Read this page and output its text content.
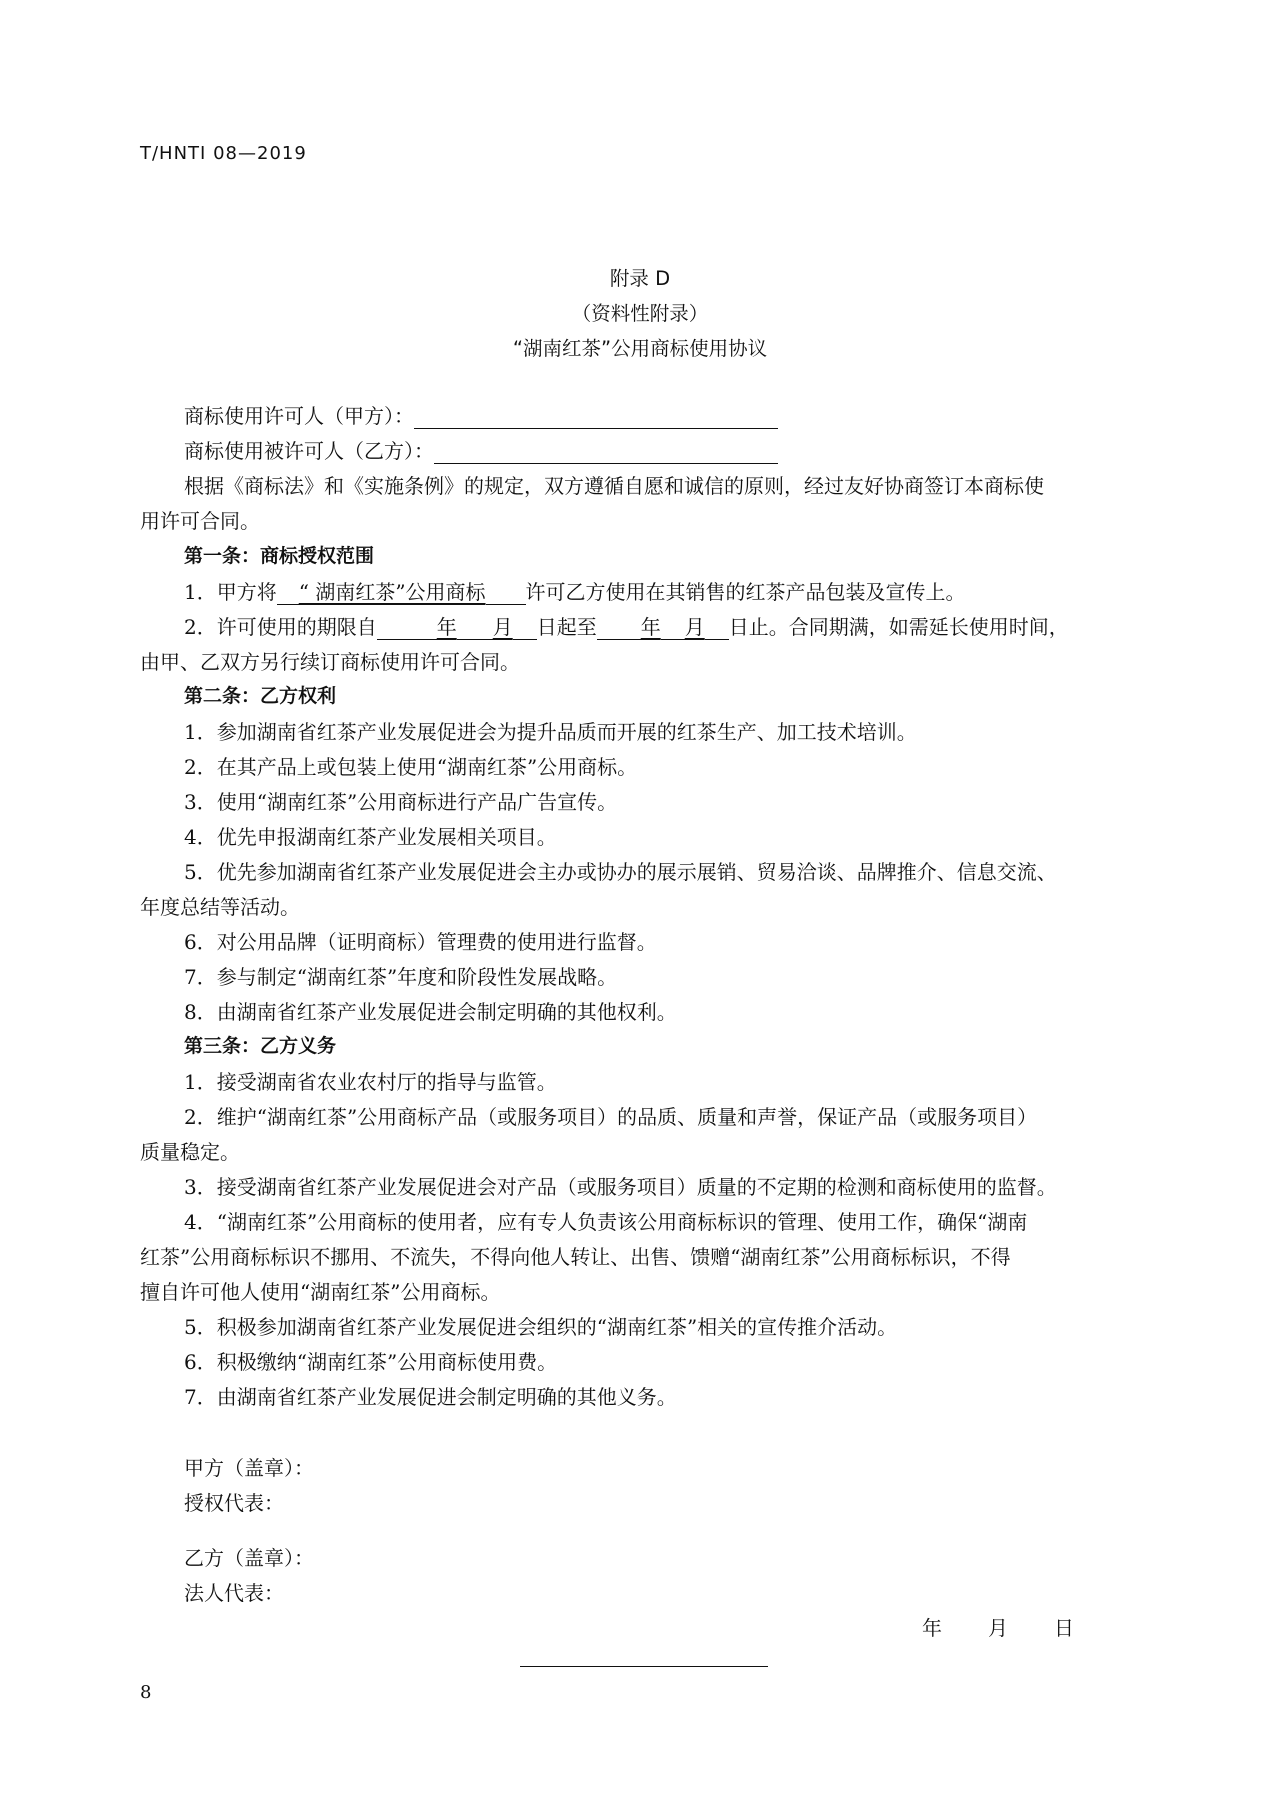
T/HNTI 08—2019
附录 D
（资料性附录）
“湖南红茶”公用商标使用协议
商标使用许可人（甲方）：
商标使用被许可人（乙方）：
根据《商标法》和《实施条例》的规定，双方遵循自愿和诚信的原则，经过友好协商签订本商标使
用许可合同。
第一条：商标授权范围
1．甲方将 “ 湖南红茶”公用商标 许可乙方使用在其销售的红茶产品包装及宣传上。
2．许可使用的期限自	年 月 日起至 年 月 日止。合同期满，如需延长使用时间，
由甲、乙双方另行续订商标使用许可合同。
第二条：乙方权利
1．参加湖南省红茶产业发展促进会为提升品质而开展的红茶生产、加工技术培训。
2．在其产品上或包装上使用“湖南红茶”公用商标。
3．使用“湖南红茶”公用商标进行产品广告宣传。
4．优先申报湖南红茶产业发展相关项目。
5．优先参加湖南省红茶产业发展促进会主办或协办的展示展销、贸易洽谈、品牌推介、信息交流、
年度总结等活动。
6．对公用品牌（证明商标）管理费的使用进行监督。
7．参与制定“湖南红茶”年度和阶段性发展战略。
8．由湖南省红茶产业发展促进会制定明确的其他权利。
第三条：乙方义务
1．接受湖南省农业农村厅的指导与监管。
2．维护“湖南红茶”公用商标产品（或服务项目）的品质、质量和声誉，保证产品（或服务项目）
质量稳定。
3．接受湖南省红茶产业发展促进会对产品（或服务项目）质量的不定期的检测和商标使用的监督。
4．“湖南红茶”公用商标的使用者，应有专人负责该公用商标标识的管理、使用工作，确保“湖南
红茶”公用商标标识不挪用、不流失，不得向他人转让、出售、馈赠“湖南红茶”公用商标标识，不得
擅自许可他人使用“湖南红茶”公用商标。
5．积极参加湖南省红茶产业发展促进会组织的“湖南红茶”相关的宣传推介活动。
6．积极缴纳“湖南红茶”公用商标使用费。
7．由湖南省红茶产业发展促进会制定明确的其他义务。
甲方（盖章）：
授权代表：
乙方（盖章）：
法人代表：
年 月 日
8
